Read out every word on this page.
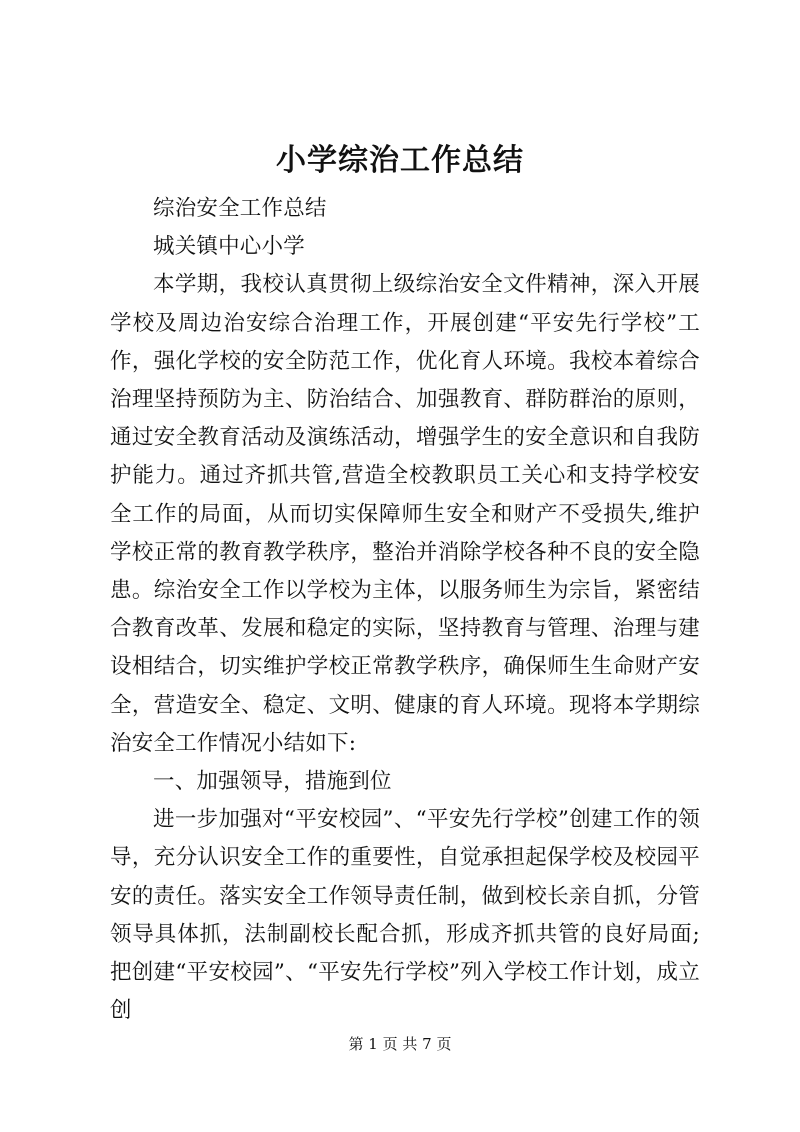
小学综治工作总结

综治安全工作总结

城关镇中心小学

本学期，我校认真贯彻上级综治安全文件精神，深入开展学校及周边治安综合治理工作，开展创建“平安先行学校”工作，强化学校的安全防范工作，优化育人环境。我校本着综合治理坚持预防为主、防治结合、加强教育、群防群治的原则，通过安全教育活动及演练活动，增强学生的安全意识和自我防护能力。通过齐抓共管,营造全校教职员工关心和支持学校安全工作的局面，从而切实保障师生安全和财产不受损失,维护学校正常的教育教学秩序，整治并消除学校各种不良的安全隐患。综治安全工作以学校为主体，以服务师生为宗旨，紧密结合教育改革、发展和稳定的实际，坚持教育与管理、治理与建设相结合，切实维护学校正常教学秩序，确保师生生命财产安全，营造安全、稳定、文明、健康的育人环境。现将本学期综治安全工作情况小结如下:

一、加强领导，措施到位

进一步加强对“平安校园”、“平安先行学校”创建工作的领导，充分认识安全工作的重要性，自觉承担起保学校及校园平安的责任。落实安全工作领导责任制，做到校长亲自抓，分管领导具体抓，法制副校长配合抓，形成齐抓共管的良好局面;把创建“平安校园”、“平安先行学校”列入学校工作计划，成立创

第 1 页 共 7 页
